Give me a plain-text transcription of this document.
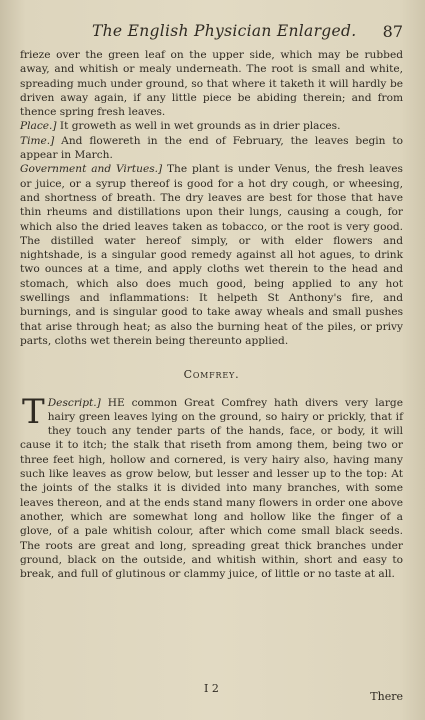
The English Physician Enlarged. 87

frieze over the green leaf on the upper side, which may be rubbed away, and whitish or mealy underneath. The root is small and white, spreading much under ground, so that where it taketh it will hardly be driven away again, if any little piece be abiding therein; and from thence spring fresh leaves.

Place.] It groweth as well in wet grounds as in drier places.

Time.] And flowereth in the end of February, the leaves begin to appear in March.

Government and Virtues.] The plant is under Venus, the fresh leaves or juice, or a syrup thereof is good for a hot dry cough, or wheesing, and shortness of breath. The dry leaves are best for those that have thin rheums and distillations upon their lungs, causing a cough, for which also the dried leaves taken as tobacco, or the root is very good. The distilled water hereof simply, or with elder flowers and nightshade, is a singular good remedy against all hot agues, to drink two ounces at a time, and apply cloths wet therein to the head and stomach, which also does much good, being applied to any hot swellings and inflammations: It helpeth St Anthony's fire, and burnings, and is singular good to take away wheals and small pushes that arise through heat; as also the burning heat of the piles, or privy parts, cloths wet therein being thereunto applied.

Comfrey.

Descript.]
T	HE common Great Comfrey hath divers very large hairy green leaves lying on the ground, so hairy or prickly, that if they touch any tender parts of the hands, face, or body, it will cause it to itch; the stalk that riseth from among them, being two or three feet high, hollow and cornered, is very hairy also, having many such like leaves as grow below, but lesser and lesser up to the top: At the joints of the stalks it is divided into many branches, with some leaves thereon, and at the ends stand many flowers in order one above another, which are somewhat long and hollow like the finger of a glove, of a pale whitish colour, after which come small black seeds. The roots are great and long, spreading great thick branches under ground, black on the outside, and whitish within, short and easy to break, and full of glutinous or clammy juice, of little or no taste at all.

I 2
There
